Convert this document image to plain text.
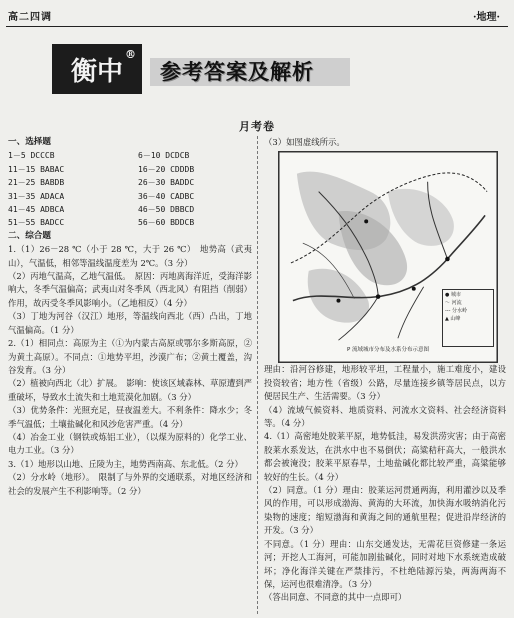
高二四调	·地理·
衡中
®
参考答案及解析
月考卷
一、选择题
1－5 DCCCB	6－10 DCDCB
11－15 BABAC	16－20 CDDDB
21－25 BABDB	26－30 BADDC
31－35 ADACA	36－40 CADBC
41－45 ADBCA	46－50 DBBCD
51－55 BADCC	56－60 BDDCB
二、综合题

1.（1）26－28 ℃（小于 28 ℃，大于 26 ℃）　地势高（武夷山），气温低，相邻等温线温度差为 2℃。（3 分）

（2）丙地气温高，乙地气温低。　原因：丙地离海洋近，受海洋影响大，冬季气温偏高；武夷山对冬季风（西北风）有阻挡（削弱）作用，故丙受冬季风影响小。（乙地相反）（4 分）

（3）丁地为河谷（汉江）地形，等温线向西北（西）凸出，丁地气温偏高。（1 分）

2.（1）相同点：高原为主（①为内蒙古高原或鄂尔多斯高原，②为黄土高原）。不同点：①地势平坦，沙漠广布；②黄土覆盖，沟谷发育。（3 分）

（2）植被向西北（北）扩展。　影响：使该区域森林、草原遭到严重破坏，导致水土流失和土地荒漠化加剧。（3 分）

（3）优势条件：光照充足，昼夜温差大。不利条件：降水少；冬季气温低；土壤盐碱化和风沙危害严重。（4 分）

（4）冶金工业（钢铁或炼铝工业），（以煤为原料的）化学工业、电力工业。（3 分）

3.（1）地形以山地、丘陵为主，地势西南高、东北低。（2 分）

（2）分水岭（地形）。　限制了与外界的交通联系，对地区经济和社会的发展产生不利影响等。（2 分）

（3）如图虚线所示。

● 城市
〜 河流
--- 分水岭
▲ 山峰
P 流域城市分布及水系分布示意图

理由：沿河谷修建，地形较平坦，工程量小，施工难度小，建设投资较省；地方性（省级）公路，尽量连接乡镇等居民点，以方便居民生产、生活需要。（3 分）

（4）流域气候资料、地质资料、河流水文资料、社会经济资料等。（4 分）

4.（1）高密地处胶莱平原，地势低洼，易发洪涝灾害；由于高密胶莱水系发达，在洪水中也不易倒伏；高粱秸秆高大，一般洪水都会被淹没；胶莱平原春旱，土地盐碱化都比较严重，高粱能够较好的生长。（4 分）

（2）同意。（1 分）理由：胶莱运河贯通两海，利用灌沙以及季风的作用，可以形成渤海、黄海的大环流，加快海水吸纳消化污染物的速度；缩短渤海和黄海之间的通航里程；促进沿岸经济的开发。（3 分）

不同意。（1 分）理由：山东交通发达，无需花巨资修建一条运河；开挖人工海河，可能加剧盐碱化，同时对地下水系统造成破坏；净化海洋关键在严禁排污，不杜绝陆源污染，两海两海不保，运河也很难清净。（3 分）

（答出同意、不同意的其中一点即可）
